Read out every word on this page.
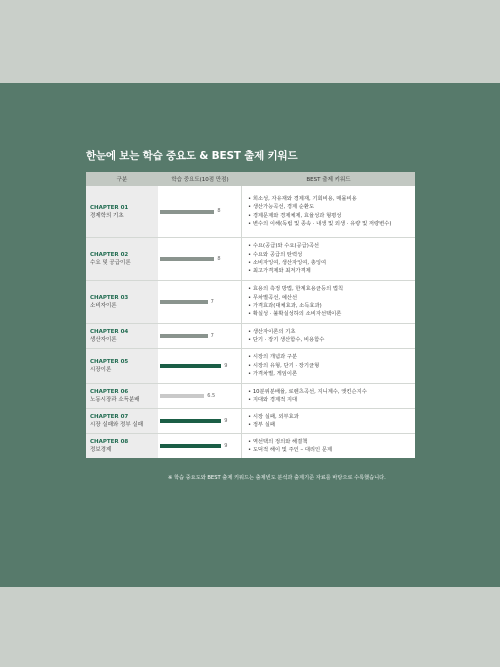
한눈에 보는 학습 중요도 & BEST 출제 키워드
구분	학습 중요도(10점 만점)	BEST 출제 키워드
CHAPTER 01
경제학의 기초
8
• 희소성, 자유재와 경제재, 기회비용, 매몰비용
• 생산가능곡선, 경제 순환도
• 경제문제와 경제체제, 효율성과 형평성
• 변수의 이해(독립 및 종속 · 내생 및 외생 · 유량 및 저량변수)
CHAPTER 02
수요 및 공급이론
8
• 수요(공급)와 수요(공급)곡선
• 수요와 공급의 탄력성
• 소비자잉여, 생산자잉여, 총잉여
• 최고가격제와 최저가격제
CHAPTER 03
소비자이론
7
• 효용의 측정 방법, 한계효용균등의 법칙
• 무차별곡선, 예산선
• 가격효과(대체효과, 소득효과)
• 확실성 · 불확실성하의 소비자선택이론
CHAPTER 04
생산자이론
7
• 생산자이론의 기초
• 단기 · 장기 생산함수, 비용함수
CHAPTER 05
시장이론
9
• 시장의 개념과 구분
• 시장의 유형, 단기 · 장기균형
• 가격차별, 게임이론
CHAPTER 06
노동시장과 소득분배
6.5
• 10분위분배율, 로렌츠곡선, 지니계수, 앳킨슨지수
• 지대와 경제적 지대
CHAPTER 07
시장 실패와 정부 실패
9
• 시장 실패, 외부효과
• 정부 실패
CHAPTER 08
정보경제
9
• 역선택의 정의와 해결책
• 도덕적 해이 및 주인 – 대리인 문제
※ 학습 중요도와 BEST 출제 키워드는 출제빈도 분석과 출제기준 자료를 바탕으로 수록했습니다.
